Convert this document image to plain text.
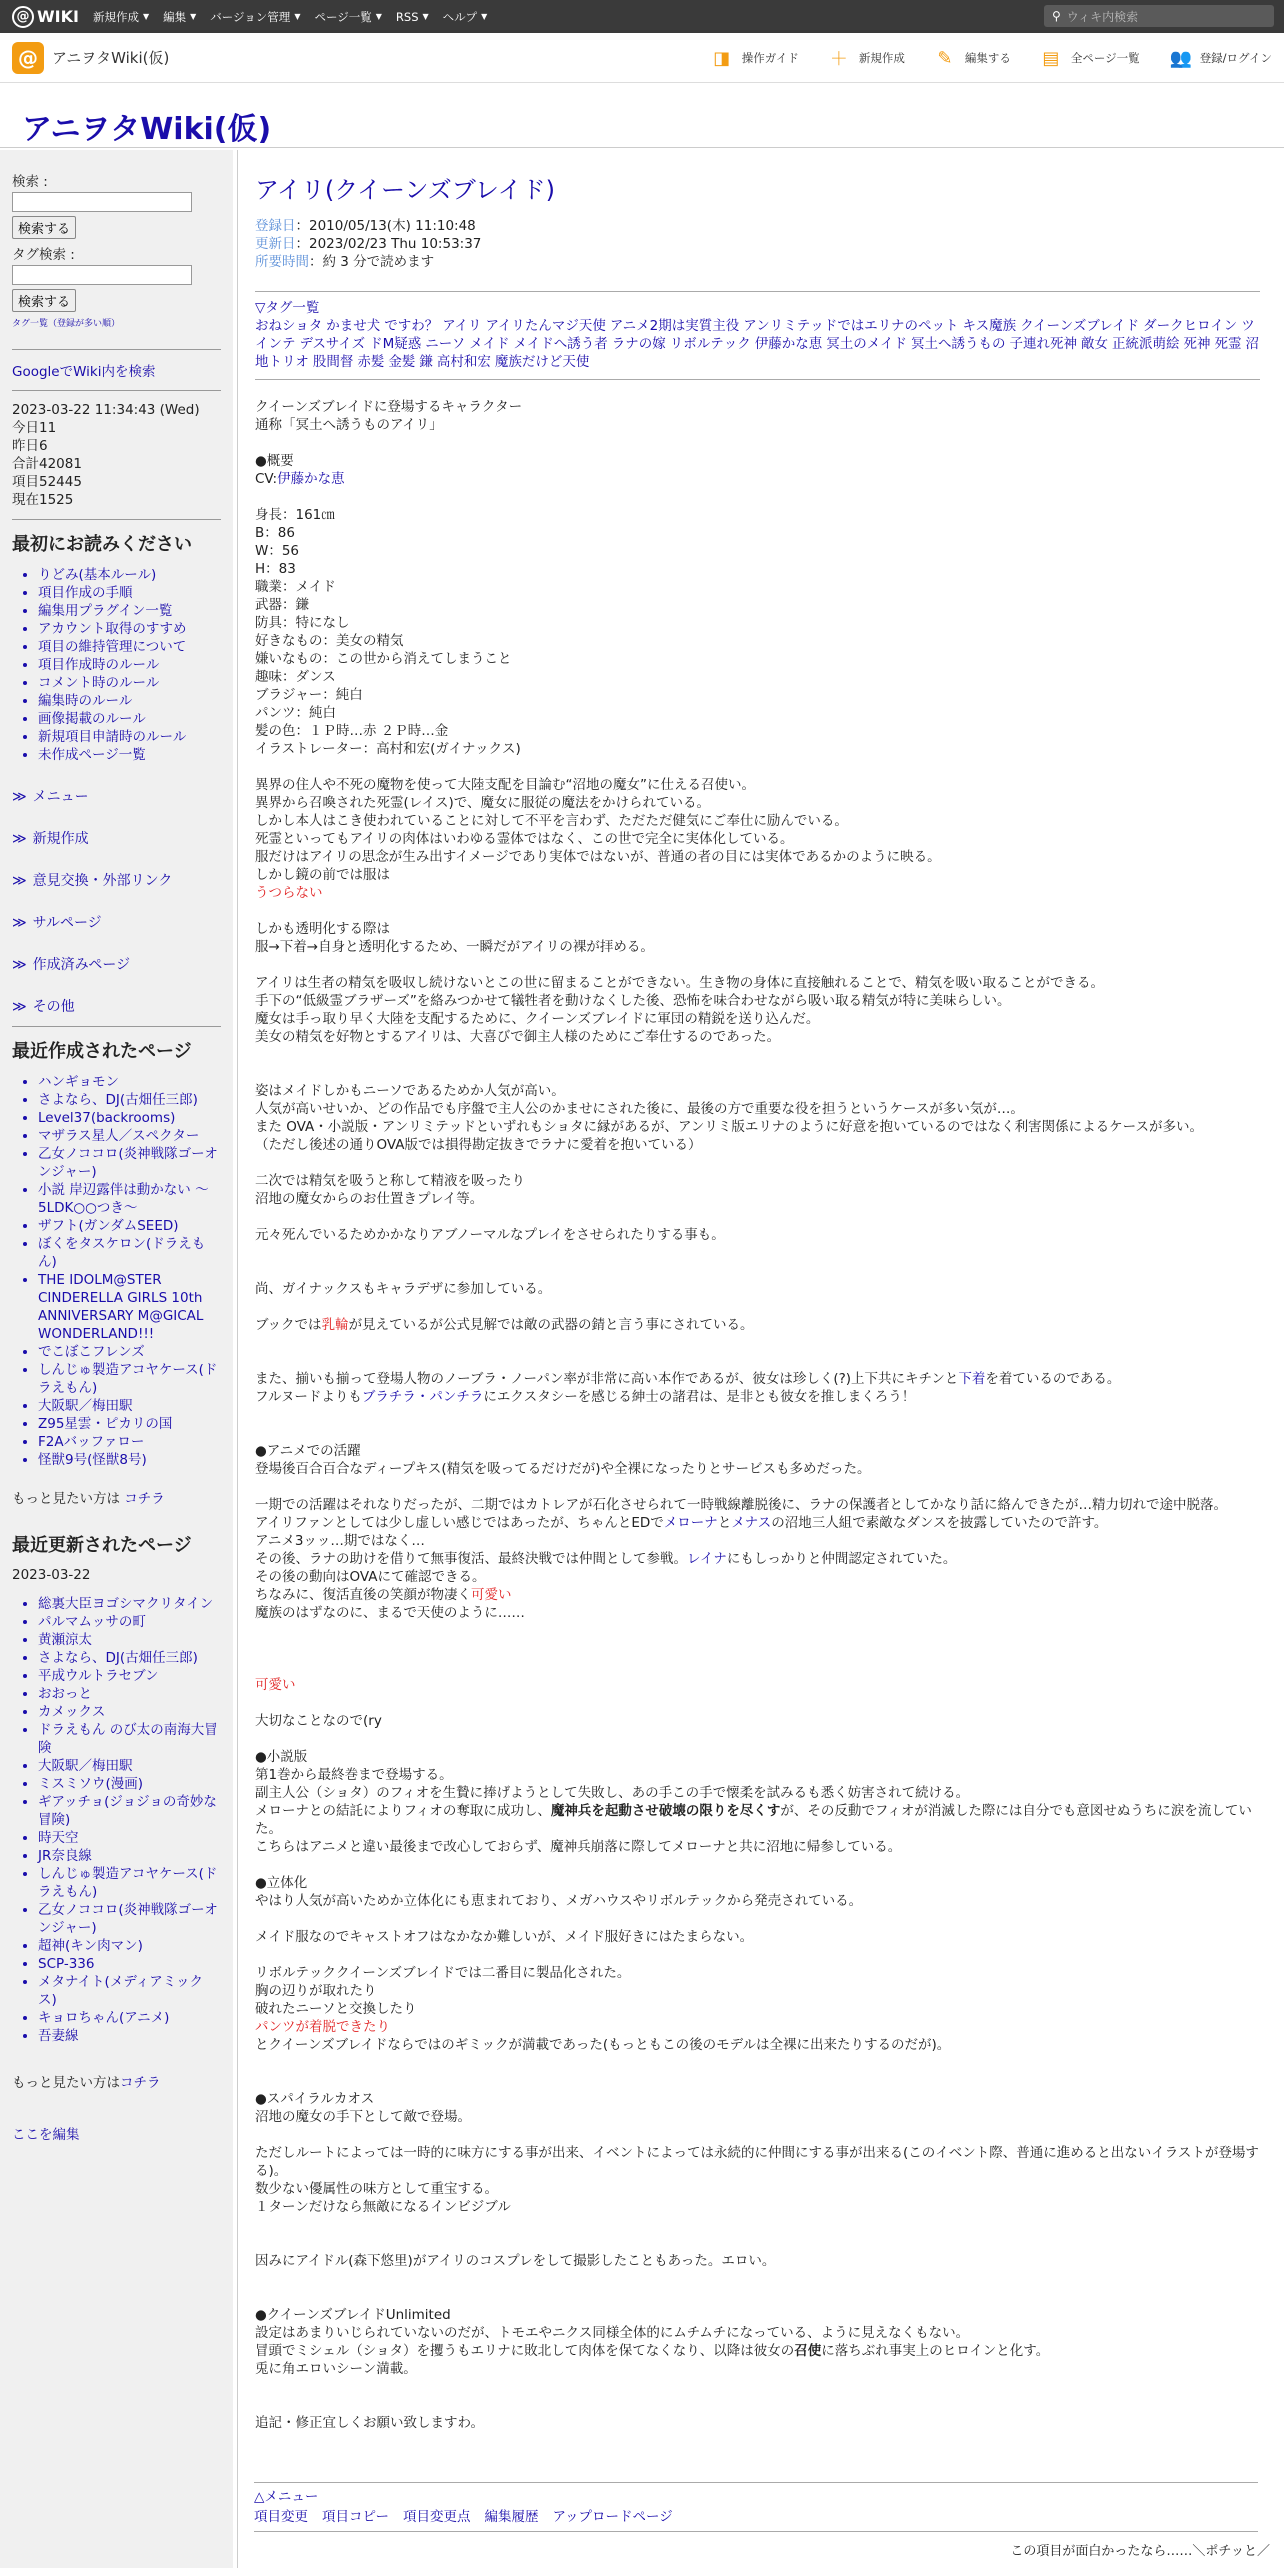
@ WIKI 新規作成 ▼ 編集 ▼ バージョン管理 ▼ ページ一覧 ▼ RSS ▼ ヘルプ ▼	⚲ ウィキ内検索
@ アニヲタWiki(仮)	◨ 操作ガイド ＋ 新規作成 ✎ 編集する ▤ 全ページ一覧 👥 登録/ログイン
アニヲタWiki(仮)
検索 :
検索する
タグ検索 :
検索する
タグ一覧（登録が多い順）
GoogleでWiki内を検索
2023-03-22 11:34:43 (Wed)
今日11
昨日6
合計42081
項目52445
現在1525
最初にお読みください
• りどみ(基本ルール)
• 項目作成の手順
• 編集用プラグイン一覧
• アカウント取得のすすめ
• 項目の維持管理について
• 項目作成時のルール
• コメント時のルール
• 編集時のルール
• 画像掲載のルール
• 新規項目申請時のルール
• 未作成ページ一覧
≫ メニュー
≫ 新規作成
≫ 意見交換・外部リンク
≫ サルページ
≫ 作成済みページ
≫ その他
最近作成されたページ
• ハンギョモン
• さよなら、DJ(古畑任三郎)
• Level37(backrooms)
• マザラス星人／スペクター
• 乙女ノココロ(炎神戦隊ゴーオンジャー)
• 小説 岸辺露伴は動かない ～5LDK○○つき～
• ザフト(ガンダムSEED)
• ぼくをタスケロン(ドラえもん)
• THE IDOLM@STER CINDERELLA GIRLS 10th ANNIVERSARY M@GICAL WONDERLAND!!!
• でこぼこフレンズ
• しんじゅ製造アコヤケース(ドラえもん)
• 大阪駅／梅田駅
• Z95星雲・ピカリの国
• F2Aバッファロー
• 怪獣9号(怪獣8号)
もっと見たい方は コチラ
最近更新されたページ
2023-03-22
• 総裏大臣ヨゴシマクリタイン
• パルマムッサの町
• 黄瀬涼太
• さよなら、DJ(古畑任三郎)
• 平成ウルトラセブン
• おおっと
• カメックス
• ドラえもん のび太の南海大冒険
• 大阪駅／梅田駅
• ミスミソウ(漫画)
• ギアッチョ(ジョジョの奇妙な冒険)
• 時天空
• JR奈良線
• しんじゅ製造アコヤケース(ドラえもん)
• 乙女ノココロ(炎神戦隊ゴーオンジャー)
• 超神(キン肉マン)
• SCP-336
• メタナイト(メディアミックス)
• キョロちゃん(アニメ)
• 吾妻線
もっと見たい方はコチラ
ここを編集
アイリ(クイーンズブレイド)
登録日：2010/05/13(木) 11:10:48
更新日：2023/02/23 Thu 10:53:37
所要時間：約 3 分で読めます
▽タグ一覧
おねショタ かませ犬 ですわ？ アイリ アイリたんマジ天使 アニメ2期は実質主役 アンリミテッドではエリナのペット キス魔族 クイーンズブレイド ダークヒロイン ツインテ デスサイズ ドM疑惑 ニーソ メイド メイドへ誘う者 ラナの嫁 リボルテック 伊藤かな恵 冥土のメイド 冥土へ誘うもの 子連れ死神 敵女 正統派萌絵 死神 死霊 沼地トリオ 股間督 赤髪 金髪 鎌 高村和宏 魔族だけど天使
クイーンズブレイドに登場するキャラクター
通称「冥土へ誘うものアイリ」
●概要
CV:伊藤かな恵
身長：161㎝
B：86
W：56
H：83
職業：メイド
武器：鎌
防具：特になし
好きなもの：美女の精気
嫌いなもの：この世から消えてしまうこと
趣味：ダンス
ブラジャー：純白
パンツ：純白
髪の色：１Ｐ時…赤 ２Ｐ時…金
イラストレーター：高村和宏(ガイナックス)
異界の住人や不死の魔物を使って大陸支配を目論む“沼地の魔女”に仕える召使い。
異界から召喚された死霊(レイス)で、魔女に服従の魔法をかけられている。
しかし本人はこき使われていることに対して不平を言わず、ただただ健気にご奉仕に励んでいる。
死霊といってもアイリの肉体はいわゆる霊体ではなく、この世で完全に実体化している。
服だけはアイリの思念が生み出すイメージであり実体ではないが、普通の者の目には実体であるかのように映る。
しかし鏡の前では服は
うつらない
しかも透明化する際は
服→下着→自身と透明化するため、一瞬だがアイリの裸が拝める。
アイリは生者の精気を吸収し続けないとこの世に留まることができない。生き物の身体に直接触れることで、精気を吸い取ることができる。
手下の“低級霊ブラザーズ”を絡みつかせて犠牲者を動けなくした後、恐怖を味合わせながら吸い取る精気が特に美味らしい。
魔女は手っ取り早く大陸を支配するために、クイーンズブレイドに軍団の精鋭を送り込んだ。
美女の精気を好物とするアイリは、大喜びで御主人様のためにご奉仕するのであった。
姿はメイドしかもニーソであるためか人気が高い。
人気が高いせいか、どの作品でも序盤で主人公のかませにされた後に、最後の方で重要な役を担うというケースが多い気が…。
また OVA・小説版・アンリミテッドといずれもショタに縁があるが、アンリミ版エリナのように好意を抱いているのではなく利害関係によるケースが多い。
（ただし後述の通りOVA版では損得勘定抜きでラナに愛着を抱いている）
二次では精気を吸うと称して精液を吸ったり
沼地の魔女からのお仕置きプレイ等。
元々死んでいるためかかなりアブノーマルなプレイをさせられたりする事も。
尚、ガイナックスもキャラデザに参加している。
ブックでは乳輪が見えているが公式見解では敵の武器の錆と言う事にされている。
また、揃いも揃って登場人物のノーブラ・ノーパン率が非常に高い本作であるが、彼女は珍しく(?)上下共にキチンと下着を着ているのである。
フルヌードよりもブラチラ・パンチラにエクスタシーを感じる紳士の諸君は、是非とも彼女を推しまくろう！
●アニメでの活躍
登場後百合百合なディープキス(精気を吸ってるだけだが)や全裸になったりとサービスも多めだった。
一期での活躍はそれなりだったが、二期ではカトレアが石化させられて一時戦線離脱後に、ラナの保護者としてかなり話に絡んできたが…精力切れで途中脱落。
アイリファンとしては少し虚しい感じではあったが、ちゃんとEDでメローナとメナスの沼地三人組で素敵なダンスを披露していたので許す。
アニメ3ッッ…期ではなく…
その後、ラナの助けを借りて無事復活、最終決戦では仲間として参戦。レイナにもしっかりと仲間認定されていた。
その後の動向はOVAにて確認できる。
ちなみに、復活直後の笑顔が物凄く可愛い
魔族のはずなのに、まるで天使のように……
可愛い
大切なことなので(ry
●小説版
第1巻から最終巻まで登場する。
副主人公（ショタ）のフィオを生贄に捧げようとして失敗し、あの手この手で懐柔を試みるも悉く妨害されて続ける。
メローナとの結託によりフィオの奪取に成功し、魔神兵を起動させ破壊の限りを尽くすが、その反動でフィオが消滅した際には自分でも意図せぬうちに涙を流していた。
こちらはアニメと違い最後まで改心しておらず、魔神兵崩落に際してメローナと共に沼地に帰参している。
●立体化
やはり人気が高いためか立体化にも恵まれており、メガハウスやリボルテックから発売されている。
メイド服なのでキャストオフはなかなか難しいが、メイド服好きにはたまらない。
リボルテッククイーンズブレイドでは二番目に製品化された。
胸の辺りが取れたり
破れたニーソと交換したり
パンツが着脱できたり
とクイーンズブレイドならではのギミックが満載であった(もっともこの後のモデルは全裸に出来たりするのだが)。
●スパイラルカオス
沼地の魔女の手下として敵で登場。
ただしルートによっては一時的に味方にする事が出来、イベントによっては永続的に仲間にする事が出来る(このイベント際、普通に進めると出ないイラストが登場する)。
数少ない優属性の味方として重宝する。
１ターンだけなら無敵になるインビジブル
因みにアイドル(森下悠里)がアイリのコスプレをして撮影したこともあった。エロい。
●クイーンズブレイドUnlimited
設定はあまりいじられていないのだが、トモエやニクス同様全体的にムチムチになっている、ように見えなくもない。
冒頭でミシェル（ショタ）を攫うもエリナに敗北して肉体を保てなくなり、以降は彼女の召使に落ちぶれ事実上のヒロインと化す。
兎に角エロいシーン満載。
追記・修正宜しくお願い致しますわ。
△メニュー
項目変更 項目コピー 項目変更点 編集履歴 アップロードページ
この項目が面白かったなら……＼ポチッと／
